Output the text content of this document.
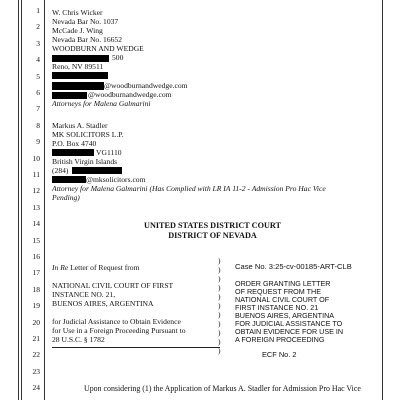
1
2
3
4
5
6
7
8
9
10
11
12
13
14
15
16
17
18
19
20
21
22
23
24
W. Chris Wicker
Nevada Bar No. 1037
McCade J. Wing
Nevada Bar No. 16652
WOODBURN AND WEDGE
500
Reno, NV 89511
@woodburnandwedge.com
@woodburnandwedge.com
Attorneys for Malena Galmarini
Markus A. Stadler
MK SOLICITORS L.P.
P.O. Box 4740
VG1110
British Virgin Islands
(284)
@mksolicitors.com
Attorney for Malena Galmarini (Has Complied with LR IA 11-2 - Admission Pro Hac Vice
Pending)
UNITED STATES DISTRICT COURT
DISTRICT OF NEVADA
In Re Letter of Request from
NATIONAL CIVIL COURT OF FIRST
INSTANCE NO. 21,
BUENOS AIRES, ARGENTINA
for Judicial Assistance to Obtain Evidence
for Use in a Foreign Proceeding Pursuant to
28 U.S.C. § 1782
)
)
)
)
)
)
)
)
)
)
)
Case No. 3:25-cv-00185-ART-CLB
ORDER GRANTING LETTER
OF REQUEST FROM THE
NATIONAL CIVIL COURT OF
FIRST INSTANCE NO. 21
BUENOS AIRES, ARGENTINA
FOR JUDICIAL ASSISTANCE TO
OBTAIN EVIDENCE FOR USE IN
A FOREIGN PROCEEDING
ECF No. 2
Upon considering (1) the Application of Markus A. Stadler for Admission Pro Hac Vice
